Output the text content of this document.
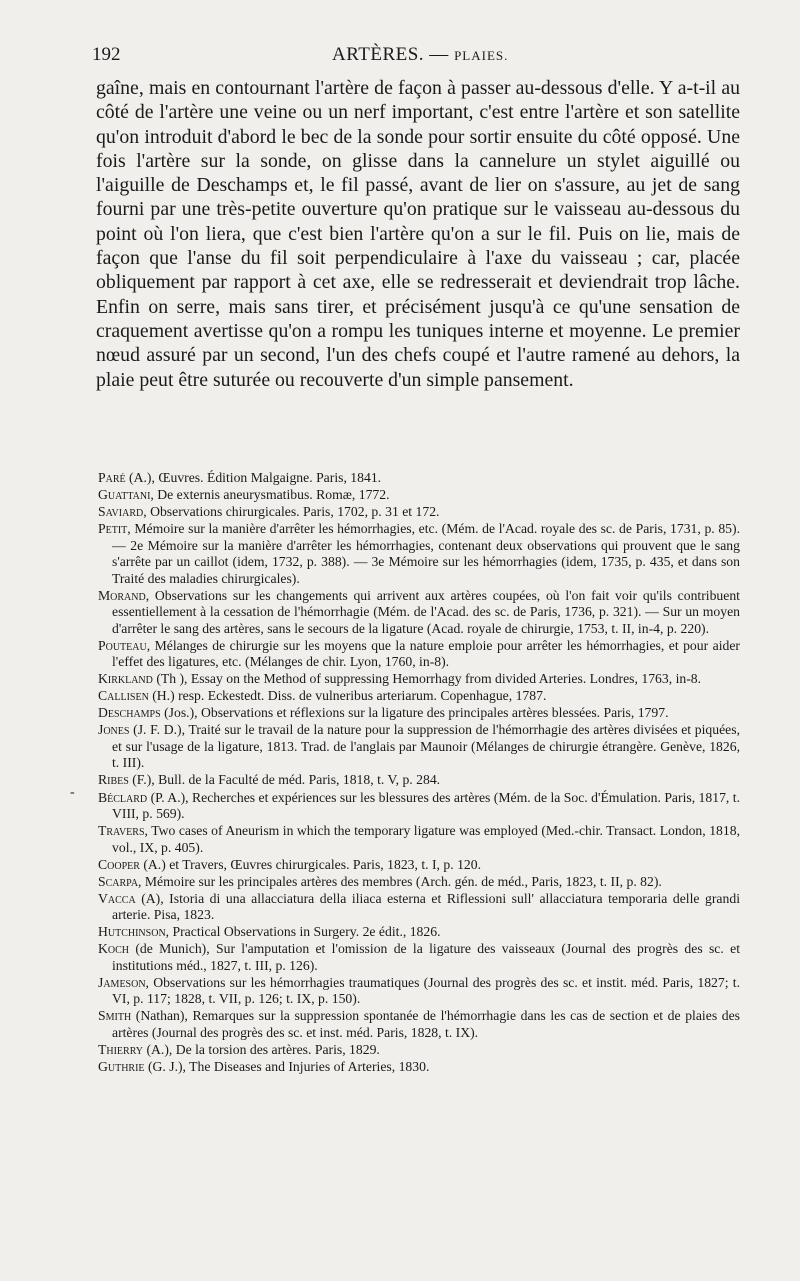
192	ARTÈRES. — PLAIES.

gaîne, mais en contournant l'artère de façon à passer au-dessous d'elle. Y a-t-il au côté de l'artère une veine ou un nerf important, c'est entre l'artère et son satellite qu'on introduit d'abord le bec de la sonde pour sortir ensuite du côté opposé. Une fois l'artère sur la sonde, on glisse dans la cannelure un stylet aiguillé ou l'aiguille de Deschamps et, le fil passé, avant de lier on s'assure, au jet de sang fourni par une très-petite ouverture qu'on pratique sur le vaisseau au-dessous du point où l'on liera, que c'est bien l'artère qu'on a sur le fil. Puis on lie, mais de façon que l'anse du fil soit perpendiculaire à l'axe du vaisseau ; car, placée obliquement par rapport à cet axe, elle se redresserait et deviendrait trop lâche. Enfin on serre, mais sans tirer, et précisément jusqu'à ce qu'une sensation de craquement avertisse qu'on a rompu les tuniques interne et moyenne. Le premier nœud assuré par un second, l'un des chefs coupé et l'autre ramené au dehors, la plaie peut être suturée ou recouverte d'un simple pansement.

-
Paré (A.), Œuvres. Édition Malgaigne. Paris, 1841.
Guattani, De externis aneurysmatibus. Romæ, 1772.
Saviard, Observations chirurgicales. Paris, 1702, p. 31 et 172.
Petit, Mémoire sur la manière d'arrêter les hémorrhagies, etc. (Mém. de l'Acad. royale des sc. de Paris, 1731, p. 85). — 2e Mémoire sur la manière d'arrêter les hémorrhagies, contenant deux observations qui prouvent que le sang s'arrête par un caillot (idem, 1732, p. 388). — 3e Mémoire sur les hémorrhagies (idem, 1735, p. 435, et dans son Traité des maladies chirurgicales).
Morand, Observations sur les changements qui arrivent aux artères coupées, où l'on fait voir qu'ils contribuent essentiellement à la cessation de l'hémorrhagie (Mém. de l'Acad. des sc. de Paris, 1736, p. 321). — Sur un moyen d'arrêter le sang des artères, sans le secours de la ligature (Acad. royale de chirurgie, 1753, t. II, in-4, p. 220).
Pouteau, Mélanges de chirurgie sur les moyens que la nature emploie pour arrêter les hémorrhagies, et pour aider l'effet des ligatures, etc. (Mélanges de chir. Lyon, 1760, in-8).
Kirkland (Th ), Essay on the Method of suppressing Hemorrhagy from divided Arteries. Londres, 1763, in-8.
Callisen (H.) resp. Eckestedt. Diss. de vulneribus arteriarum. Copenhague, 1787.
Deschamps (Jos.), Observations et réflexions sur la ligature des principales artères blessées. Paris, 1797.
Jones (J. F. D.), Traité sur le travail de la nature pour la suppression de l'hémorrhagie des artères divisées et piquées, et sur l'usage de la ligature, 1813. Trad. de l'anglais par Maunoir (Mélanges de chirurgie étrangère. Genève, 1826, t. III).
Ribes (F.), Bull. de la Faculté de méd. Paris, 1818, t. V, p. 284.
Béclard (P. A.), Recherches et expériences sur les blessures des artères (Mém. de la Soc. d'Émulation. Paris, 1817, t. VIII, p. 569).
Travers, Two cases of Aneurism in which the temporary ligature was employed (Med.-chir. Transact. London, 1818, vol., IX, p. 405).
Cooper (A.) et Travers, Œuvres chirurgicales. Paris, 1823, t. I, p. 120.
Scarpa, Mémoire sur les principales artères des membres (Arch. gén. de méd., Paris, 1823, t. II, p. 82).
Vacca (A), Istoria di una allacciatura della iliaca esterna et Riflessioni sull' allacciatura temporaria delle grandi arterie. Pisa, 1823.
Hutchinson, Practical Observations in Surgery. 2e édit., 1826.
Koch (de Munich), Sur l'amputation et l'omission de la ligature des vaisseaux (Journal des progrès des sc. et institutions méd., 1827, t. III, p. 126).
Jameson, Observations sur les hémorrhagies traumatiques (Journal des progrès des sc. et instit. méd. Paris, 1827; t. VI, p. 117; 1828, t. VII, p. 126; t. IX, p. 150).
Smith (Nathan), Remarques sur la suppression spontanée de l'hémorrhagie dans les cas de section et de plaies des artères (Journal des progrès des sc. et inst. méd. Paris, 1828, t. IX).
Thierry (A.), De la torsion des artères. Paris, 1829.
Guthrie (G. J.), The Diseases and Injuries of Arteries, 1830.
